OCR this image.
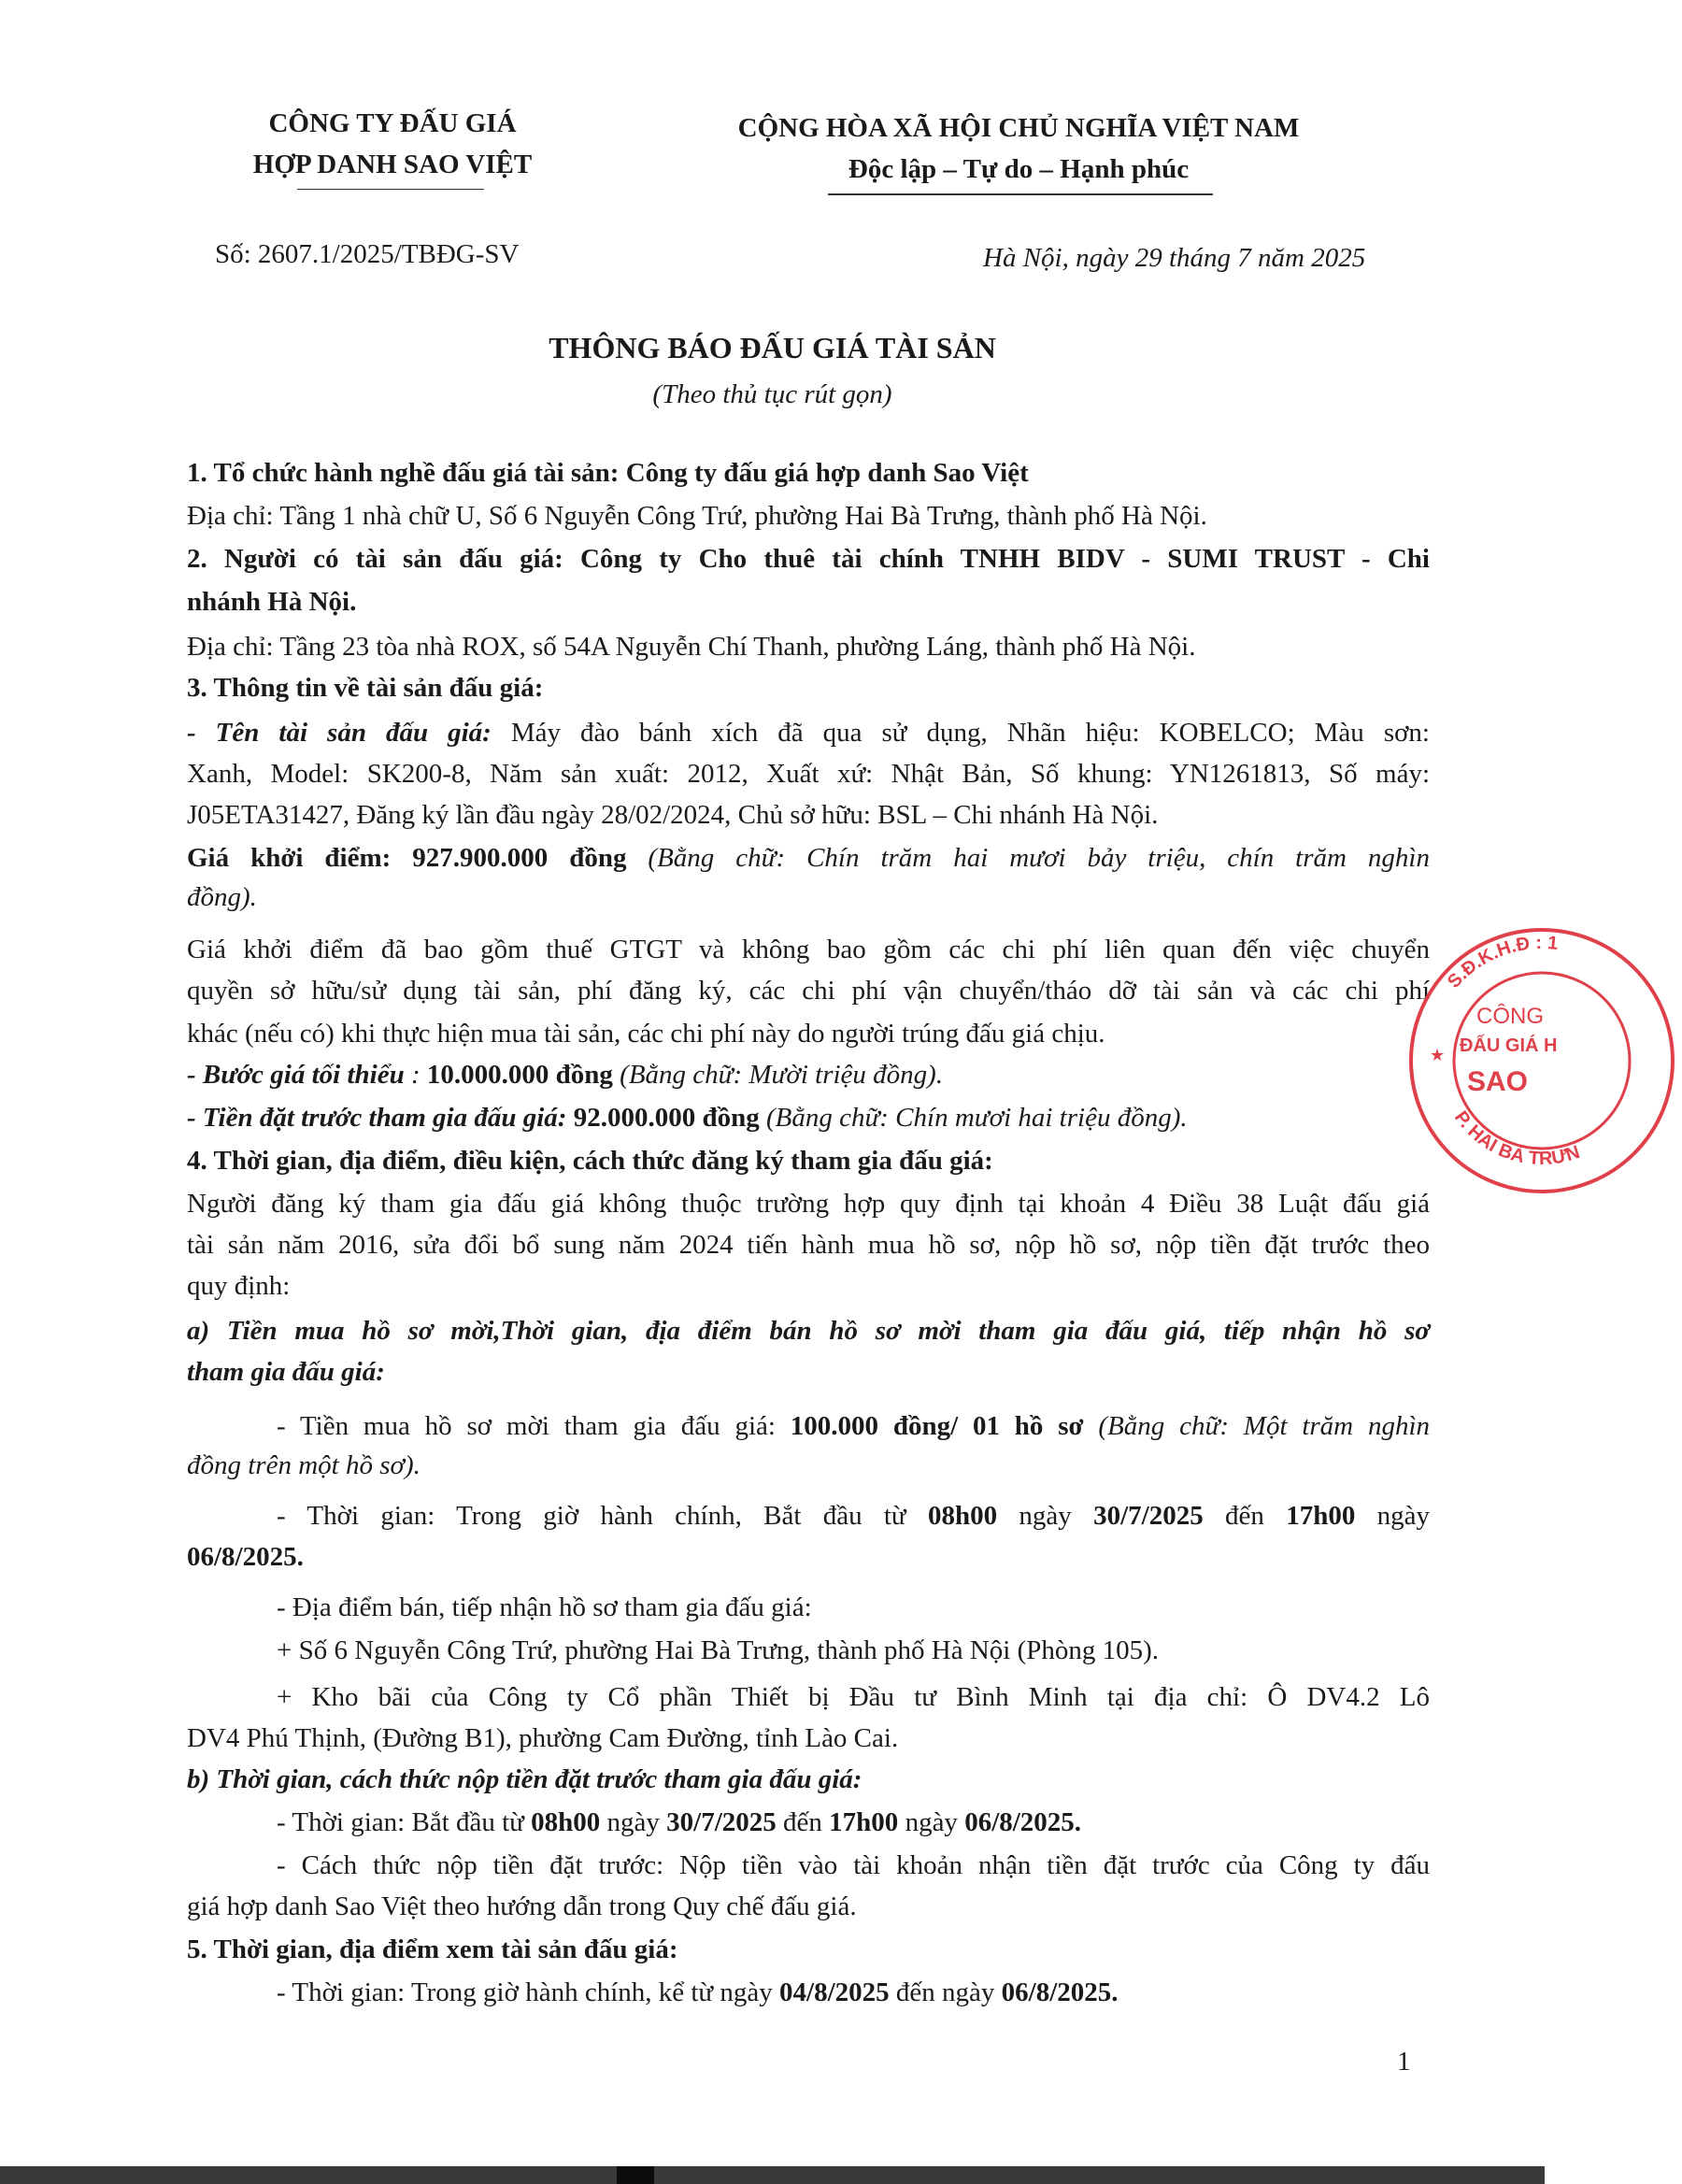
CÔNG TY ĐẤU GIÁ
HỢP DANH SAO VIỆT
CỘNG HÒA XÃ HỘI CHỦ NGHĨA VIỆT NAM
Độc lập – Tự do – Hạnh phúc
Số: 2607.1/2025/TBĐG-SV	Hà Nội, ngày 29 tháng 7 năm 2025
THÔNG BÁO ĐẤU GIÁ TÀI SẢN
(Theo thủ tục rút gọn)
1. Tổ chức hành nghề đấu giá tài sản: Công ty đấu giá hợp danh Sao Việt
Địa chỉ: Tầng 1 nhà chữ U, Số 6 Nguyễn Công Trứ, phường Hai Bà Trưng, thành phố Hà Nội.
2. Người có tài sản đấu giá: Công ty Cho thuê tài chính TNHH BIDV - SUMI TRUST - Chi
nhánh Hà Nội.
Địa chỉ: Tầng 23 tòa nhà ROX, số 54A Nguyễn Chí Thanh, phường Láng, thành phố Hà Nội.
3. Thông tin về tài sản đấu giá:
- Tên tài sản đấu giá: Máy đào bánh xích đã qua sử dụng, Nhãn hiệu: KOBELCO; Màu sơn:
Xanh, Model: SK200-8, Năm sản xuất: 2012, Xuất xứ: Nhật Bản, Số khung: YN1261813, Số máy:
J05ETA31427, Đăng ký lần đầu ngày 28/02/2024, Chủ sở hữu: BSL – Chi nhánh Hà Nội.
Giá khởi điểm: 927.900.000 đồng (Bằng chữ: Chín trăm hai mươi bảy triệu, chín trăm nghìn
đồng).
Giá khởi điểm đã bao gồm thuế GTGT và không bao gồm các chi phí liên quan đến việc chuyển
quyền sở hữu/sử dụng tài sản, phí đăng ký, các chi phí vận chuyển/tháo dỡ tài sản và các chi phí
khác (nếu có) khi thực hiện mua tài sản, các chi phí này do người trúng đấu giá chịu.
- Bước giá tối thiểu : 10.000.000 đồng (Bằng chữ: Mười triệu đồng).
- Tiền đặt trước tham gia đấu giá: 92.000.000 đồng (Bằng chữ: Chín mươi hai triệu đồng).
4. Thời gian, địa điểm, điều kiện, cách thức đăng ký tham gia đấu giá:
Người đăng ký tham gia đấu giá không thuộc trường hợp quy định tại khoản 4 Điều 38 Luật đấu giá
tài sản năm 2016, sửa đổi bổ sung năm 2024 tiến hành mua hồ sơ, nộp hồ sơ, nộp tiền đặt trước theo
quy định:
a) Tiền mua hồ sơ mời,Thời gian, địa điểm bán hồ sơ mời tham gia đấu giá, tiếp nhận hồ sơ
tham gia đấu giá:
- Tiền mua hồ sơ mời tham gia đấu giá: 100.000 đồng/ 01 hồ sơ (Bằng chữ: Một trăm nghìn
đồng trên một hồ sơ).
- Thời gian: Trong giờ hành chính, Bắt đầu từ 08h00 ngày 30/7/2025 đến 17h00 ngày
06/8/2025.
- Địa điểm bán, tiếp nhận hồ sơ tham gia đấu giá:
+ Số 6 Nguyễn Công Trứ, phường Hai Bà Trưng, thành phố Hà Nội (Phòng 105).
+ Kho bãi của Công ty Cổ phần Thiết bị Đầu tư Bình Minh tại địa chỉ: Ô DV4.2 Lô
DV4 Phú Thịnh, (Đường B1), phường Cam Đường, tỉnh Lào Cai.
b) Thời gian, cách thức nộp tiền đặt trước tham gia đấu giá:
- Thời gian: Bắt đầu từ 08h00 ngày 30/7/2025 đến 17h00 ngày 06/8/2025.
- Cách thức nộp tiền đặt trước: Nộp tiền vào tài khoản nhận tiền đặt trước của Công ty đấu
giá hợp danh Sao Việt theo hướng dẫn trong Quy chế đấu giá.
5. Thời gian, địa điểm xem tài sản đấu giá:
- Thời gian: Trong giờ hành chính, kể từ ngày 04/8/2025 đến ngày 06/8/2025.
1
S.Đ.K.H.Đ : 1
P. HAI BÀ TRƯN
★
CÔNG
ĐẤU GIÁ H
SAO
